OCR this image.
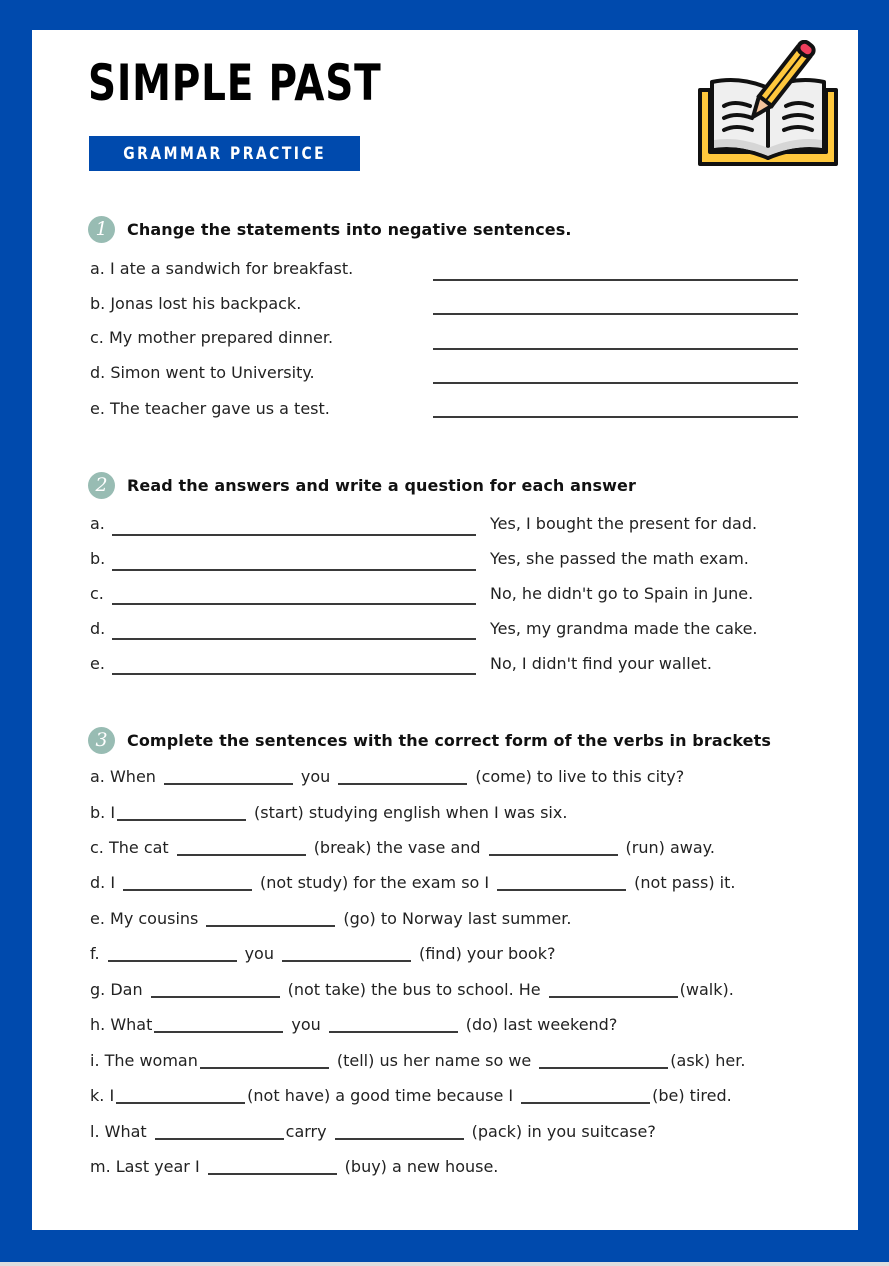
SIMPLE PAST
GRAMMAR PRACTICE
1	Change the statements into negative sentences.
a. I ate a sandwich for breakfast.
b. Jonas lost his backpack.
c. My mother prepared dinner.
d. Simon went to University.
e. The teacher gave us a test.
2	Read the answers and write a question for each answer
a.	Yes, I bought the present for dad.
b.	Yes, she passed the math exam.
c.	No, he didn't go to Spain in June.
d.	Yes, my grandma made the cake.
e.	No, I didn't find your wallet.
3	Complete the sentences with the correct form of the verbs in brackets
a. When	you	(come) to live to this city?
b. I	(start) studying english when I was six.
c. The cat	(break) the vase and	(run) away.
d. I	(not study) for the exam so I	(not pass) it.
e. My cousins	(go) to Norway last summer.
f.	you	(find) your book?
g. Dan	(not take) the bus to school. He	(walk).
h. What	you	(do) last weekend?
i. The woman	(tell) us her name so we	(ask) her.
k. I	(not have) a good time because I	(be) tired.
l. What	carry	(pack) in you suitcase?
m. Last year I	(buy) a new house.
